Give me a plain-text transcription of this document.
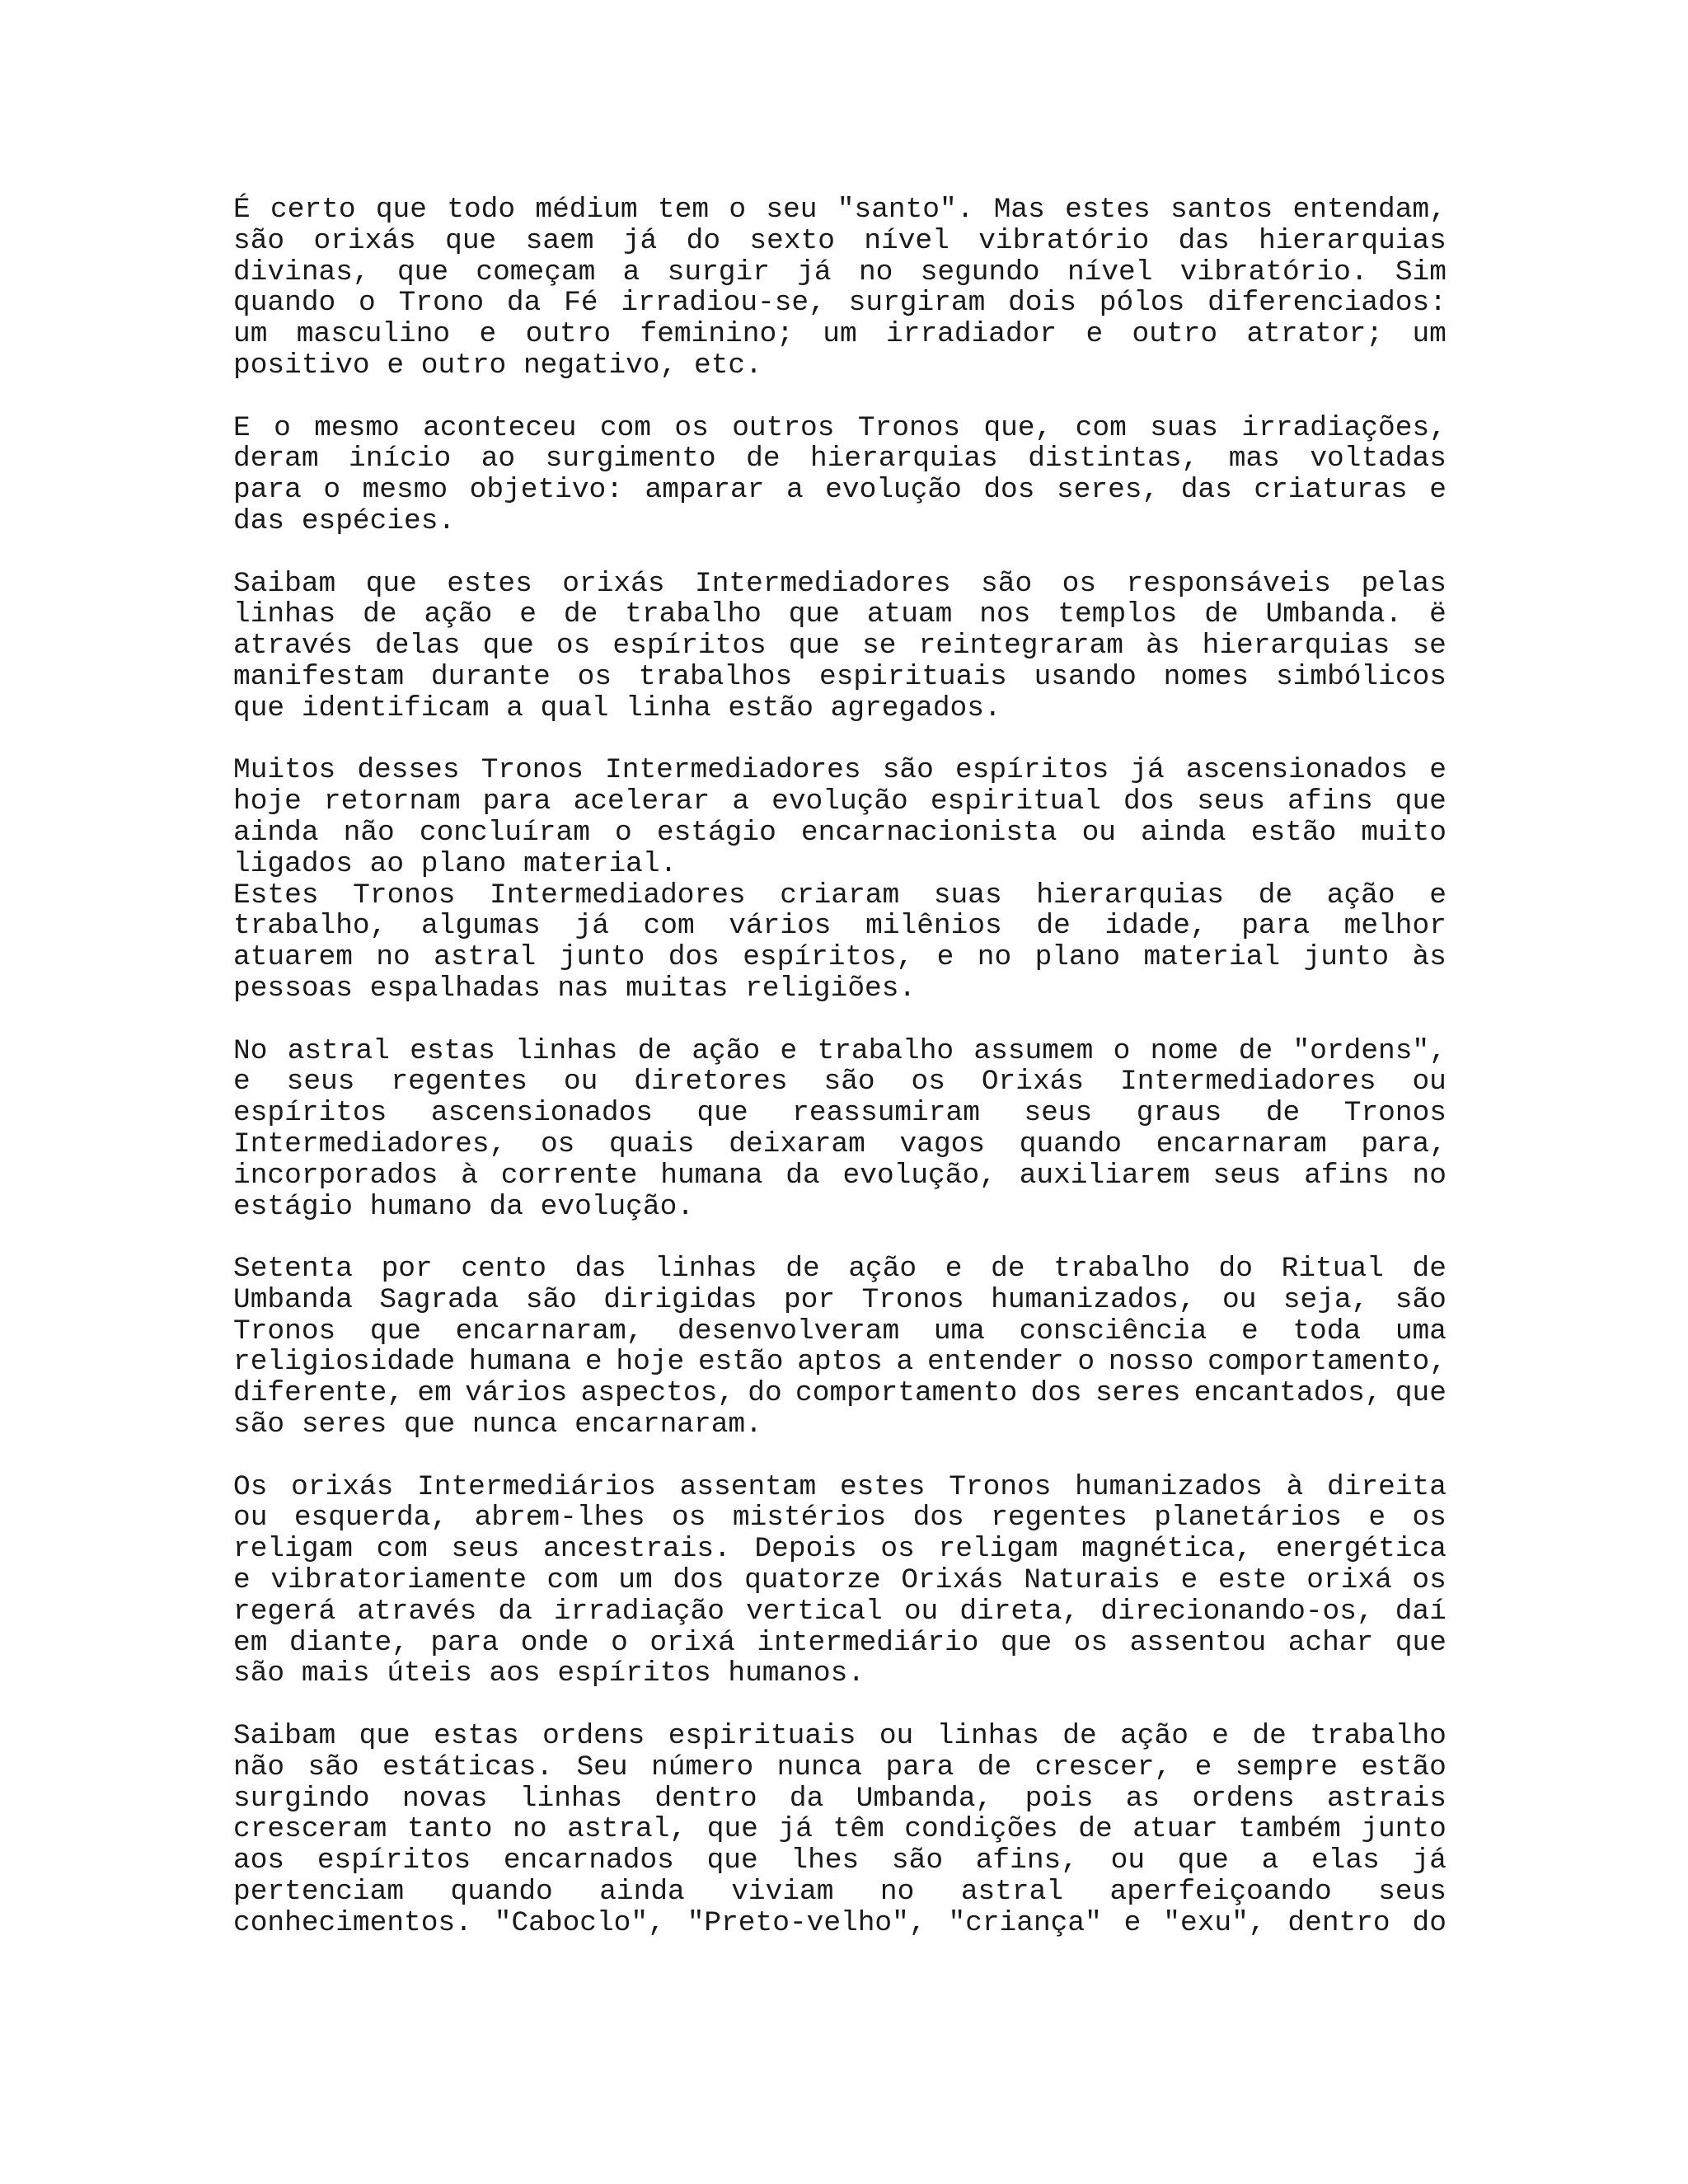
É certo que todo médium tem o seu "santo". Mas estes santos entendam,
são orixás que saem já do sexto nível vibratório das hierarquias
divinas, que começam a surgir já no segundo nível vibratório. Sim
quando o Trono da Fé irradiou-se, surgiram dois pólos diferenciados:
um masculino e outro feminino; um irradiador e outro atrator; um
positivo e outro negativo, etc.
E o mesmo aconteceu com os outros Tronos que, com suas irradiações,
deram início ao surgimento de hierarquias distintas, mas voltadas
para o mesmo objetivo: amparar a evolução dos seres, das criaturas e
das espécies.
Saibam que estes orixás Intermediadores são os responsáveis pelas
linhas de ação e de trabalho que atuam nos templos de Umbanda. ë
através delas que os espíritos que se reintegraram às hierarquias se
manifestam durante os trabalhos espirituais usando nomes simbólicos
que identificam a qual linha estão agregados.
Muitos desses Tronos Intermediadores são espíritos já ascensionados e
hoje retornam para acelerar a evolução espiritual dos seus afins que
ainda não concluíram o estágio encarnacionista ou ainda estão muito
ligados ao plano material.
Estes Tronos Intermediadores criaram suas hierarquias de ação e
trabalho, algumas já com vários milênios de idade, para melhor
atuarem no astral junto dos espíritos, e no plano material junto às
pessoas espalhadas nas muitas religiões.
No astral estas linhas de ação e trabalho assumem o nome de "ordens",
e seus regentes ou diretores são os Orixás Intermediadores ou
espíritos ascensionados que reassumiram seus graus de Tronos
Intermediadores, os quais deixaram vagos quando encarnaram para,
incorporados à corrente humana da evolução, auxiliarem seus afins no
estágio humano da evolução.
Setenta por cento das linhas de ação e de trabalho do Ritual de
Umbanda Sagrada são dirigidas por Tronos humanizados, ou seja, são
Tronos que encarnaram, desenvolveram uma consciência e toda uma
religiosidade humana e hoje estão aptos a entender o nosso comportamento,
diferente, em vários aspectos, do comportamento dos seres encantados, que
são seres que nunca encarnaram.
Os orixás Intermediários assentam estes Tronos humanizados à direita
ou esquerda, abrem-lhes os mistérios dos regentes planetários e os
religam com seus ancestrais. Depois os religam magnética, energética
e vibratoriamente com um dos quatorze Orixás Naturais e este orixá os
regerá através da irradiação vertical ou direta, direcionando-os, daí
em diante, para onde o orixá intermediário que os assentou achar que
são mais úteis aos espíritos humanos.
Saibam que estas ordens espirituais ou linhas de ação e de trabalho
não são estáticas. Seu número nunca para de crescer, e sempre estão
surgindo novas linhas dentro da Umbanda, pois as ordens astrais
cresceram tanto no astral, que já têm condições de atuar também junto
aos espíritos encarnados que lhes são afins, ou que a elas já
pertenciam quando ainda viviam no astral aperfeiçoando seus
conhecimentos. "Caboclo", "Preto-velho", "criança" e "exu", dentro do
